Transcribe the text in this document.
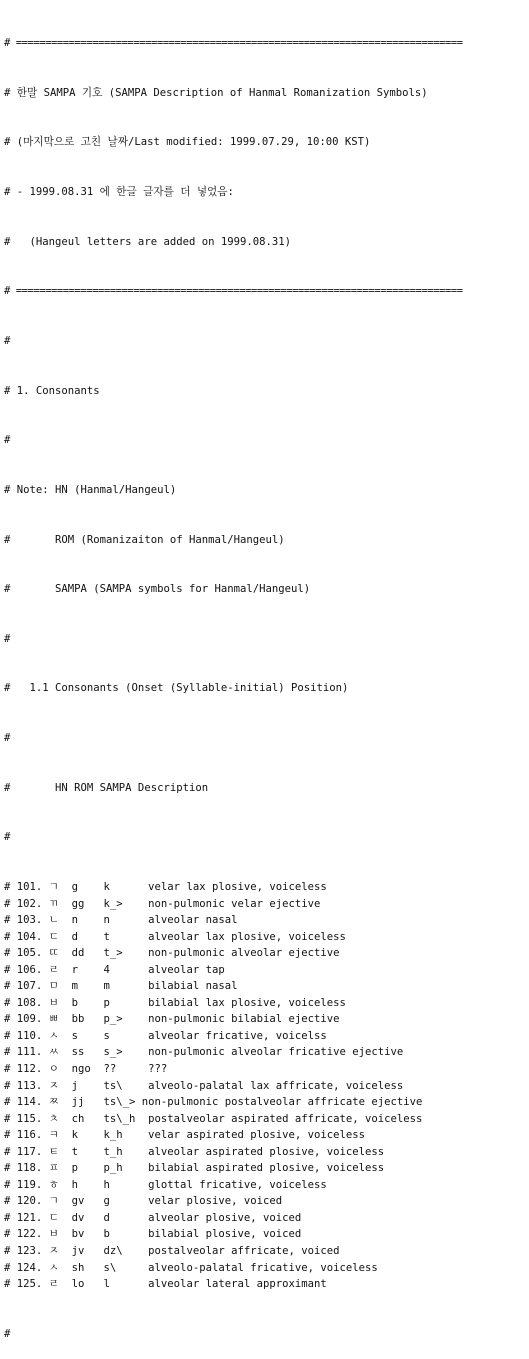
# ============================================================================

# 한말 SAMPA 기호 (SAMPA Description of Hanmal Romanization Symbols)

# (마지막으로 고친 날짜/Last modified: 1999.07.29, 10:00 KST)

# - 1999.08.31 에 한글 글자를 더 넣었음:

#   (Hangeul letters are added on 1999.08.31)

# ============================================================================

#

# 1. Consonants

#

# Note: HN (Hanmal/Hangeul)

#       ROM (Romanizaiton of Hanmal/Hangeul)

#       SAMPA (SAMPA symbols for Hanmal/Hangeul)

#

#   1.1 Consonants (Onset (Syllable-initial) Position)

#

#       HN ROM SAMPA Description

#

# 101. ㄱ  g    k      velar lax plosive, voiceless
# 102. ㄲ  gg   k_>    non-pulmonic velar ejective
# 103. ㄴ  n    n      alveolar nasal
# 104. ㄷ  d    t      alveolar lax plosive, voiceless
# 105. ㄸ  dd   t_>    non-pulmonic alveolar ejective
# 106. ㄹ  r    4      alveolar tap
# 107. ㅁ  m    m      bilabial nasal
# 108. ㅂ  b    p      bilabial lax plosive, voiceless
# 109. ㅃ  bb   p_>    non-pulmonic bilabial ejective
# 110. ㅅ  s    s      alveolar fricative, voicelss
# 111. ㅆ  ss   s_>    non-pulmonic alveolar fricative ejective
# 112. ㅇ  ngo  ??     ???
# 113. ㅈ  j    ts\    alveolo-palatal lax affricate, voiceless
# 114. ㅉ  jj   ts\_> non-pulmonic postalveolar affricate ejective
# 115. ㅊ  ch   ts\_h  postalveolar aspirated affricate, voiceless
# 116. ㅋ  k    k_h    velar aspirated plosive, voiceless
# 117. ㅌ  t    t_h    alveolar aspirated plosive, voiceless
# 118. ㅍ  p    p_h    bilabial aspirated plosive, voiceless
# 119. ㅎ  h    h      glottal fricative, voiceless
# 120. ㄱ  gv   g      velar plosive, voiced
# 121. ㄷ  dv   d      alveolar plosive, voiced
# 122. ㅂ  bv   b      bilabial plosive, voiced
# 123. ㅈ  jv   dz\    postalveolar affricate, voiced
# 124. ㅅ  sh   s\     alveolo-palatal fricative, voiceless
# 125. ㄹ  lo   l      alveolar lateral approximant

#
